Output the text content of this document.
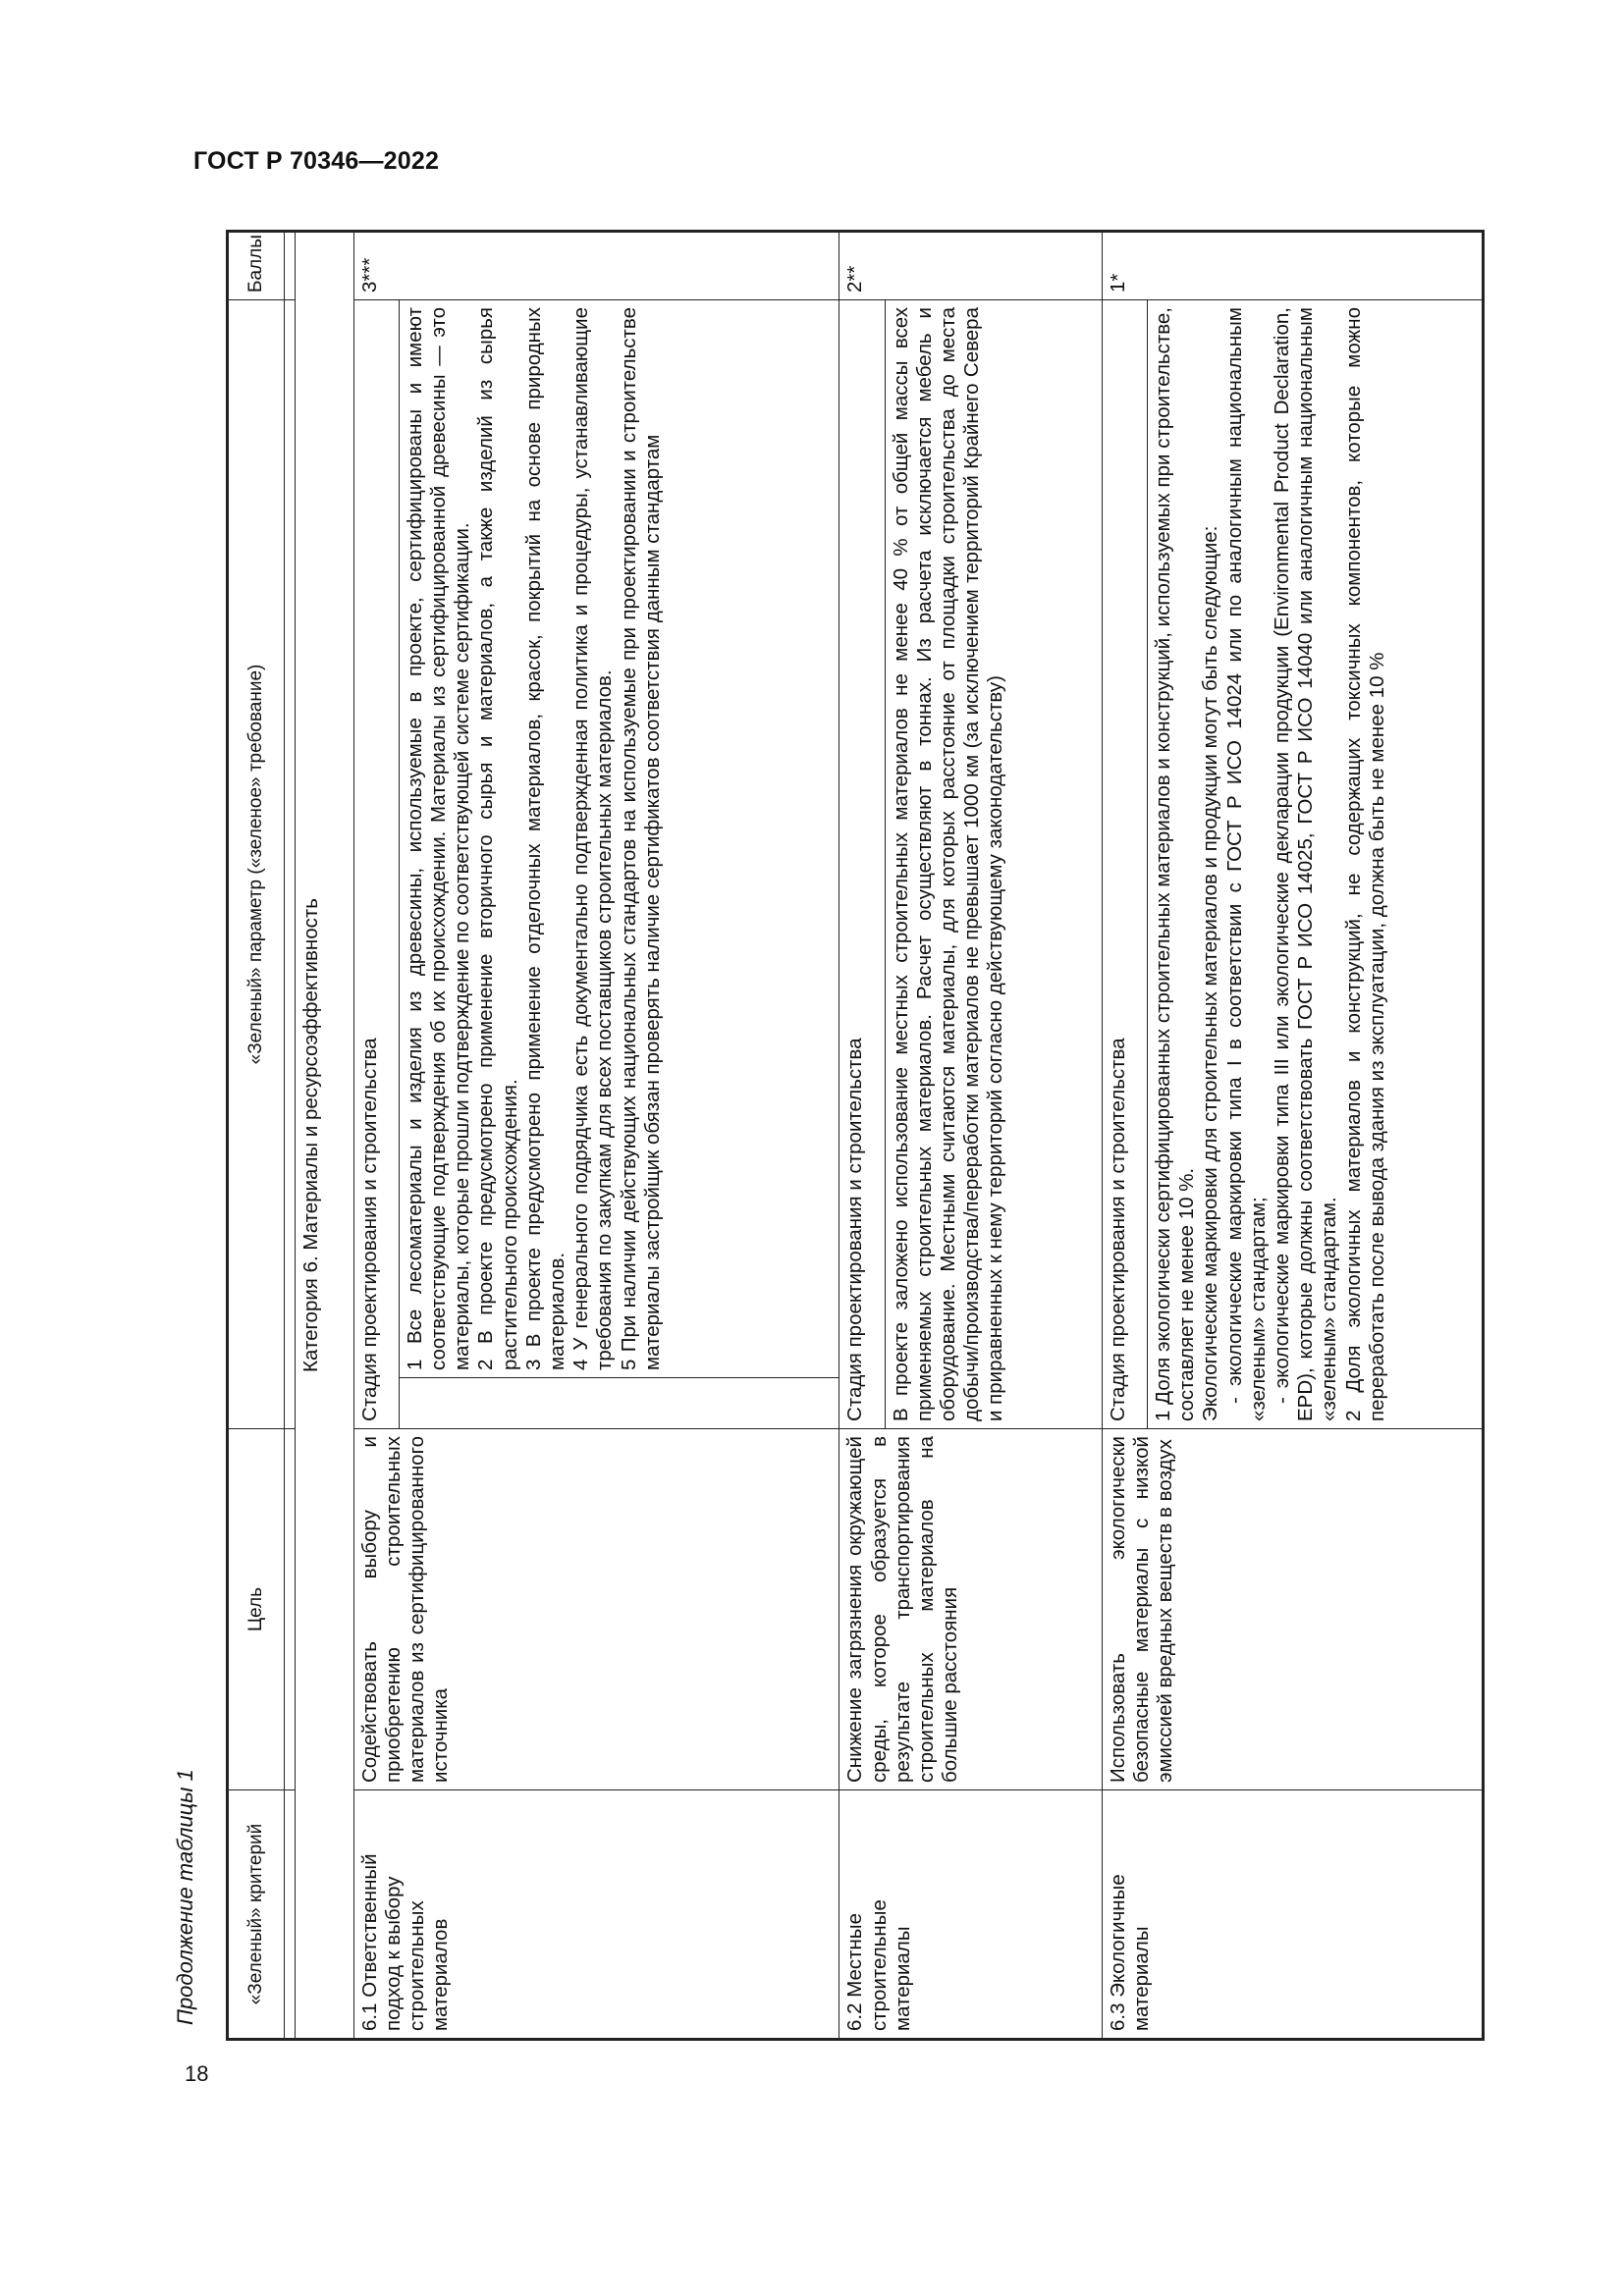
ГОСТ Р 70346—2022
18
Продолжение таблицы 1	«Зеленый» критерий	Цель	«Зеленый» параметр («зеленое» требование)		Баллы

Категория 6. Материалы и ресурсоэффективность				
6.1 Ответственный подход к выбору строительных материалов	Содействовать выбору и приобретению строительных материалов из сертифицированного источника	Стадия проектирования и строительства		3***

			1 Все лесоматериалы и изделия из древесины, используемые в проекте, сертифицированы и имеют соответствующие подтверждения об их происхождении. Материалы из сертифицированной древесины — это материалы, которые прошли подтверждение по соответствующей системе сертификации. 2 В проекте предусмотрено применение вторичного сырья и материалов, а также изделий из сырья растительного происхождения. 3 В проекте предусмотрено применение отделочных материалов, красок, покрытий на основе природных материалов. 4 У генерального подрядчика есть документально подтвержденная политика и процедуры, устанавливающие требования по закупкам для всех поставщиков строительных материалов. 5 При наличии действующих национальных стандартов на используемые при проектировании и строительстве материалы застройщик обязан проверять наличие сертификатов соответствия данным стандартам	

6.2 Местные строительные материалы	Снижение загрязнения окружающей среды, которое образуется в результате транспортирования строительных материалов на большие расстояния	Стадия проектирования и строительства		2**

		В проекте заложено использование местных строительных материалов не менее 40 % от общей массы всех применяемых строительных материалов. Расчет осуществляют в тоннах. Из расчета исключается мебель и оборудование. Местными считаются материалы, для которых расстояние от площадки строительства до места добычи/производства/переработки материалов не превышает 1000 км (за исключением территорий Крайнего Севера и приравненных к нему территорий согласно действующему законодательству)		

6.3 Экологичные материалы	Использовать экологически безопасные материалы с низкой эмиссией вредных веществ в воздух	Стадия проектирования и строительства		1*

		1 Доля экологически сертифицированных строительных материалов и конструкций, используемых при строительстве, составляет не менее 10 %. Экологические маркировки для строительных материалов и продукции могут быть следующие: - экологические маркировки типа I в соответствии с ГОСТ Р ИСО 14024 или по аналогичным национальным «зеленым» стандартам; - экологические маркировки типа III или экологические декларации продукции (Environmental Product Declaration, EPD), которые должны соответствовать ГОСТ Р ИСО 14025, ГОСТ Р ИСО 14040 или аналогичным национальным «зеленым» стандартам. 2 Доля экологичных материалов и конструкций, не содержащих токсичных компонентов, которые можно переработать после вывода здания из эксплуатации, должна быть не менее 10 %		
